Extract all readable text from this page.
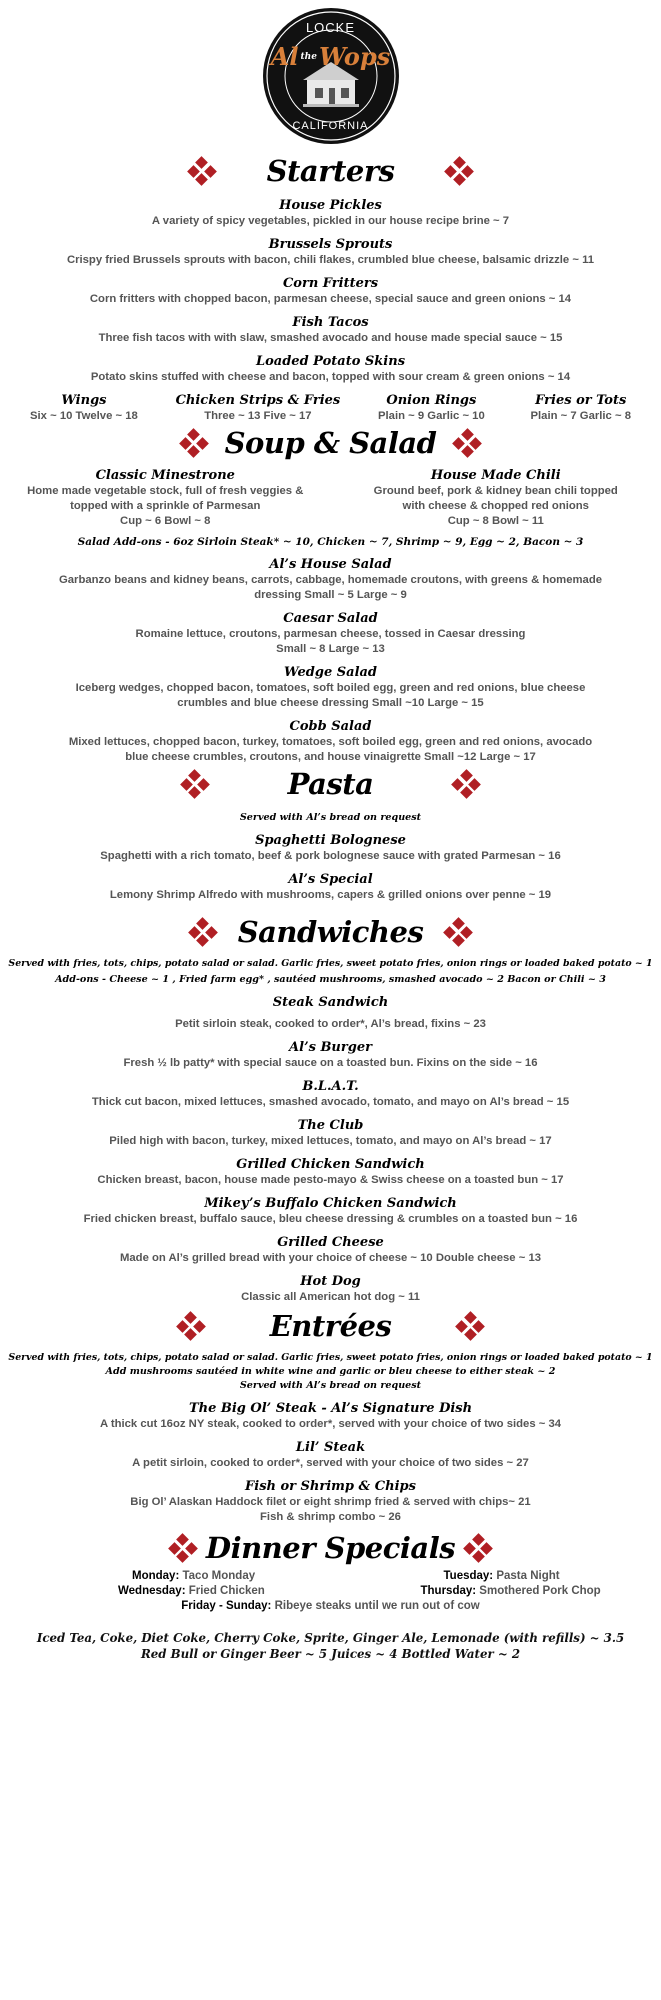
LOCKE
Al $^{the}$Wops
CALIFORNIA
Starters
House Pickles
A variety of spicy vegetables, pickled in our house recipe brine ~ 7
Brussels Sprouts
Crispy fried Brussels sprouts with bacon, chili flakes, crumbled blue cheese, balsamic drizzle ~ 11
Corn Fritters
Corn fritters with chopped bacon, parmesan cheese, special sauce and green onions ~ 14
Fish Tacos
Three fish tacos with with slaw, smashed avocado and house made special sauce ~ 15
Loaded Potato Skins
Potato skins stuffed with cheese and bacon, topped with sour cream & green onions ~ 14
Wings
Six ~ 10 Twelve ~ 18
Chicken Strips & Fries
Three ~ 13 Five ~ 17
Onion Rings
Plain ~ 9 Garlic ~ 10
Fries or Tots
Plain ~ 7 Garlic ~ 8
Soup & Salad
Classic Minestrone
Home made vegetable stock, full of fresh veggies &
topped with a sprinkle of Parmesan
Cup ~ 6 Bowl ~ 8
House Made Chili
Ground beef, pork & kidney bean chili topped
with cheese & chopped red onions
Cup ~ 8 Bowl ~ 11
Salad Add-ons - 6oz Sirloin Steak* ~ 10, Chicken ~ 7, Shrimp ~ 9, Egg ~ 2, Bacon ~ 3
Al’s House Salad
Garbanzo beans and kidney beans, carrots, cabbage, homemade croutons, with greens & homemade
dressing Small ~ 5 Large ~ 9
Caesar Salad
Romaine lettuce, croutons, parmesan cheese, tossed in Caesar dressing
Small ~ 8 Large ~ 13
Wedge Salad
Iceberg wedges, chopped bacon, tomatoes, soft boiled egg, green and red onions, blue cheese
crumbles and blue cheese dressing Small ~10 Large ~ 15
Cobb Salad
Mixed lettuces, chopped bacon, turkey, tomatoes, soft boiled egg, green and red onions, avocado
blue cheese crumbles, croutons, and house vinaigrette Small ~12 Large ~ 17
Pasta
Served with Al’s bread on request
Spaghetti Bolognese
Spaghetti with a rich tomato, beef & pork bolognese sauce with grated Parmesan ~ 16
Al’s Special
Lemony Shrimp Alfredo with mushrooms, capers & grilled onions over penne ~ 19
Sandwiches
Served with fries, tots, chips, potato salad or salad. Garlic fries, sweet potato fries, onion rings or loaded baked potato ~ 1
Add-ons - Cheese ~ 1 , Fried farm egg* , sautéed mushrooms, smashed avocado ~ 2 Bacon or Chili ~ 3
Steak Sandwich
Petit sirloin steak, cooked to order*, Al’s bread, fixins ~ 23
Al’s Burger
Fresh ½ lb patty* with special sauce on a toasted bun. Fixins on the side ~ 16
B.L.A.T.
Thick cut bacon, mixed lettuces, smashed avocado, tomato, and mayo on Al’s bread ~ 15
The Club
Piled high with bacon, turkey, mixed lettuces, tomato, and mayo on Al’s bread ~ 17
Grilled Chicken Sandwich
Chicken breast, bacon, house made pesto-mayo & Swiss cheese on a toasted bun ~ 17
Mikey’s Buffalo Chicken Sandwich
Fried chicken breast, buffalo sauce, bleu cheese dressing & crumbles on a toasted bun ~ 16
Grilled Cheese
Made on Al’s grilled bread with your choice of cheese ~ 10 Double cheese ~ 13
Hot Dog
Classic all American hot dog ~ 11
Entrées
Served with fries, tots, chips, potato salad or salad. Garlic fries, sweet potato fries, onion rings or loaded baked potato ~ 1
Add mushrooms sautéed in white wine and garlic or bleu cheese to either steak ~ 2
Served with Al’s bread on request
The Big Ol’ Steak - Al’s Signature Dish
A thick cut 16oz NY steak, cooked to order*, served with your choice of two sides ~ 34
Lil’ Steak
A petit sirloin, cooked to order*, served with your choice of two sides ~ 27
Fish or Shrimp & Chips
Big Ol’ Alaskan Haddock filet or eight shrimp fried & served with chips~ 21
Fish & shrimp combo ~ 26
Dinner Specials
Monday: Taco Monday	Tuesday: Pasta Night
Wednesday: Fried Chicken	Thursday: Smothered Pork Chop
Friday - Sunday: Ribeye steaks until we run out of cow
Iced Tea, Coke, Diet Coke, Cherry Coke, Sprite, Ginger Ale, Lemonade (with refills) ~ 3.5
Red Bull or Ginger Beer ~ 5 Juices ~ 4 Bottled Water ~ 2
